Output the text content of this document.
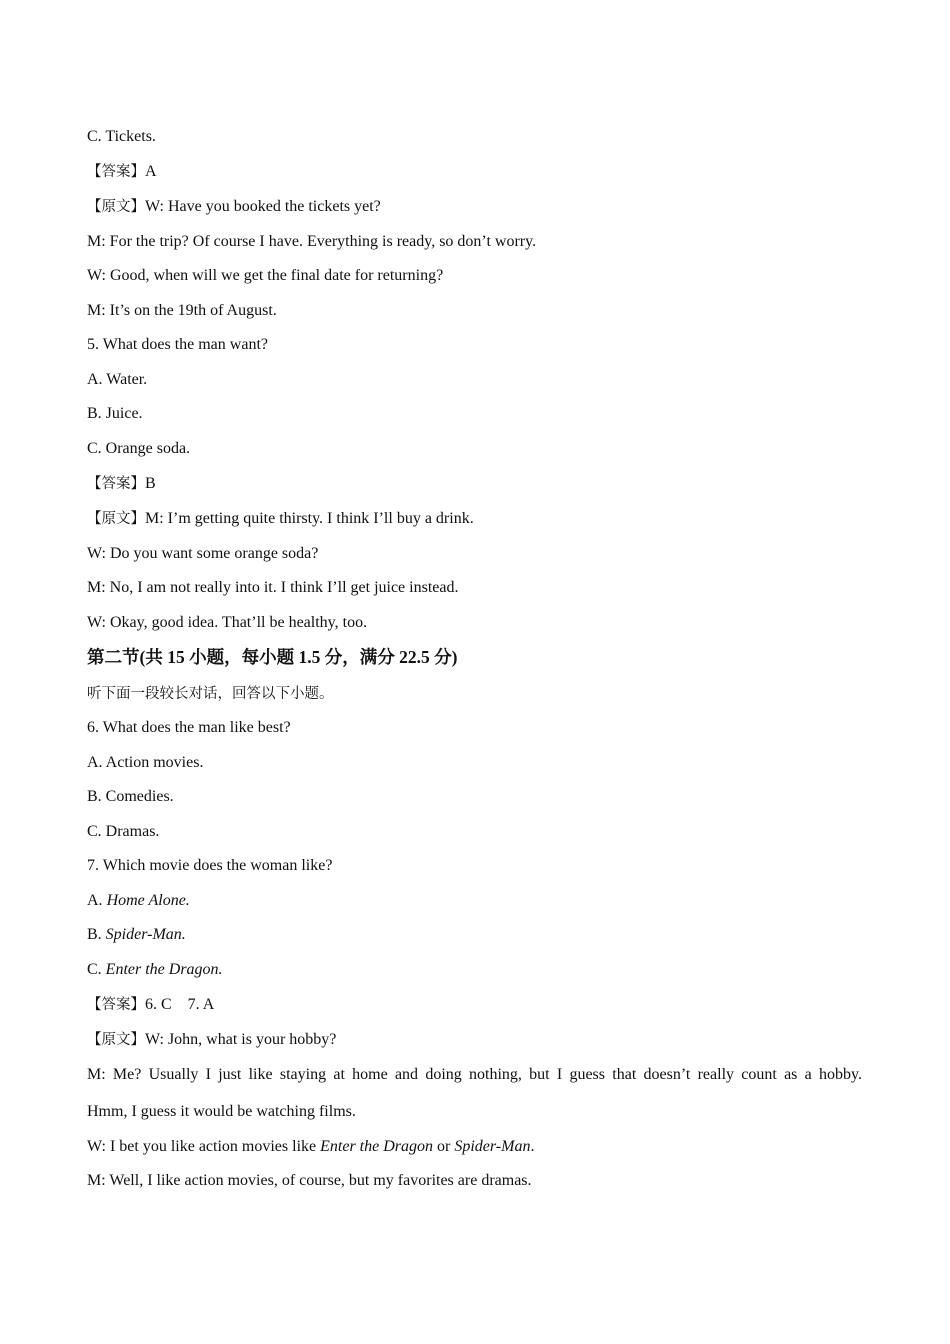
C. Tickets.

【答案】A

【原文】W: Have you booked the tickets yet?

M: For the trip? Of course I have. Everything is ready, so don’t worry.

W: Good, when will we get the final date for returning?

M: It’s on the 19th of August.

5. What does the man want?

A. Water.

B. Juice.

C. Orange soda.

【答案】B

【原文】M: I’m getting quite thirsty. I think I’ll buy a drink.

W: Do you want some orange soda?

M: No, I am not really into it. I think I’ll get juice instead.

W: Okay, good idea. That’ll be healthy, too.

第二节(共 15 小题，每小题 1.5 分，满分 22.5 分)

听下面一段较长对话，回答以下小题。

6. What does the man like best?

A. Action movies.

B. Comedies.

C. Dramas.

7. Which movie does the woman like?

A. Home Alone.

B. Spider-Man.

C. Enter the Dragon.

【答案】6. C    7. A

【原文】W: John, what is your hobby?

M: Me? Usually I just like staying at home and doing nothing, but I guess that doesn’t really count as a hobby.

Hmm, I guess it would be watching films.

W: I bet you like action movies like Enter the Dragon or Spider-Man.

M: Well, I like action movies, of course, but my favorites are dramas.
